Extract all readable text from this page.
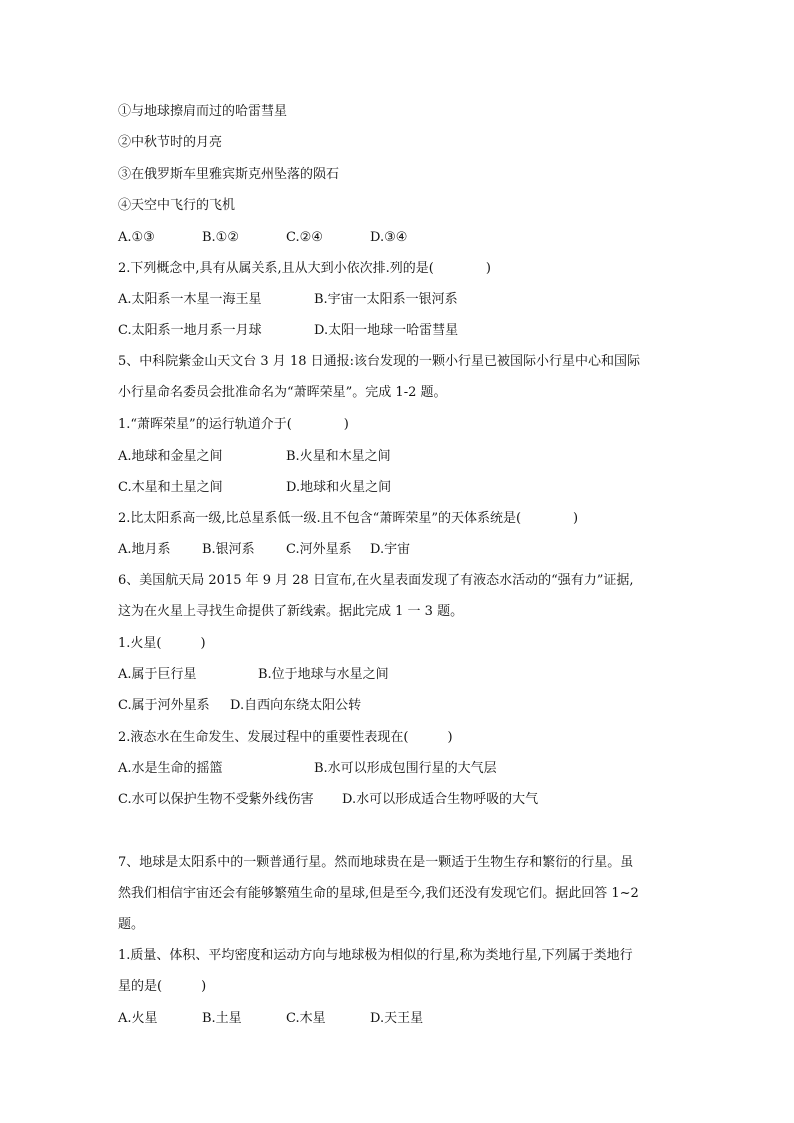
①与地球擦肩而过的哈雷彗星
②中秋节时的月亮
③在俄罗斯车里雅宾斯克州坠落的陨石
④天空中飞行的飞机
A.①③	B.①②	C.②④	D.③④
2.下列概念中,具有从属关系,且从大到小依次排.列的是(　　　　)
A.太阳系一木星一海王星	B.宇宙一太阳系一银河系
C.太阳系一地月系一月球	D.太阳一地球一哈雷彗星
5、中科院紫金山天文台 3 月 18 日通报:该台发现的一颗小行星已被国际小行星中心和国际
小行星命名委员会批准命名为“萧晖荣星”。完成 1-2 题。
1.“萧晖荣星”的运行轨道介于(　　　　)
A.地球和金星之间	B.火星和木星之间
C.木星和土星之间	D.地球和火星之间
2.比太阳系高一级,比总星系低一级.且不包含“萧晖荣星”的天体系统是(　　　　)
A.地月系 B.银河系 C.河外星系 D.宇宙
6、美国航天局 2015 年 9 月 28 日宣布,在火星表面发现了有液态水活动的“强有力”证据,
这为在火星上寻找生命提供了新线索。据此完成 1 一 3 题。
1.火星(　　　)
A.属于巨行星	B.位于地球与水星之间
C.属于河外星系 D.自西向东绕太阳公转
2.液态水在生命发生、发展过程中的重要性表现在(　　　)
A.水是生命的摇篮	B.水可以形成包围行星的大气层
C.水可以保护生物不受紫外线伤害 D.水可以形成适合生物呼吸的大气
7、地球是太阳系中的一颗普通行星。然而地球贵在是一颗适于生物生存和繁衍的行星。虽
然我们相信宇宙还会有能够繁殖生命的星球,但是至今,我们还没有发现它们。据此回答 1~2
题。
1.质量、体积、平均密度和运动方向与地球极为相似的行星,称为类地行星,下列属于类地行
星的是(　　　)
A.火星	B.土星	C.木星	D.天王星
